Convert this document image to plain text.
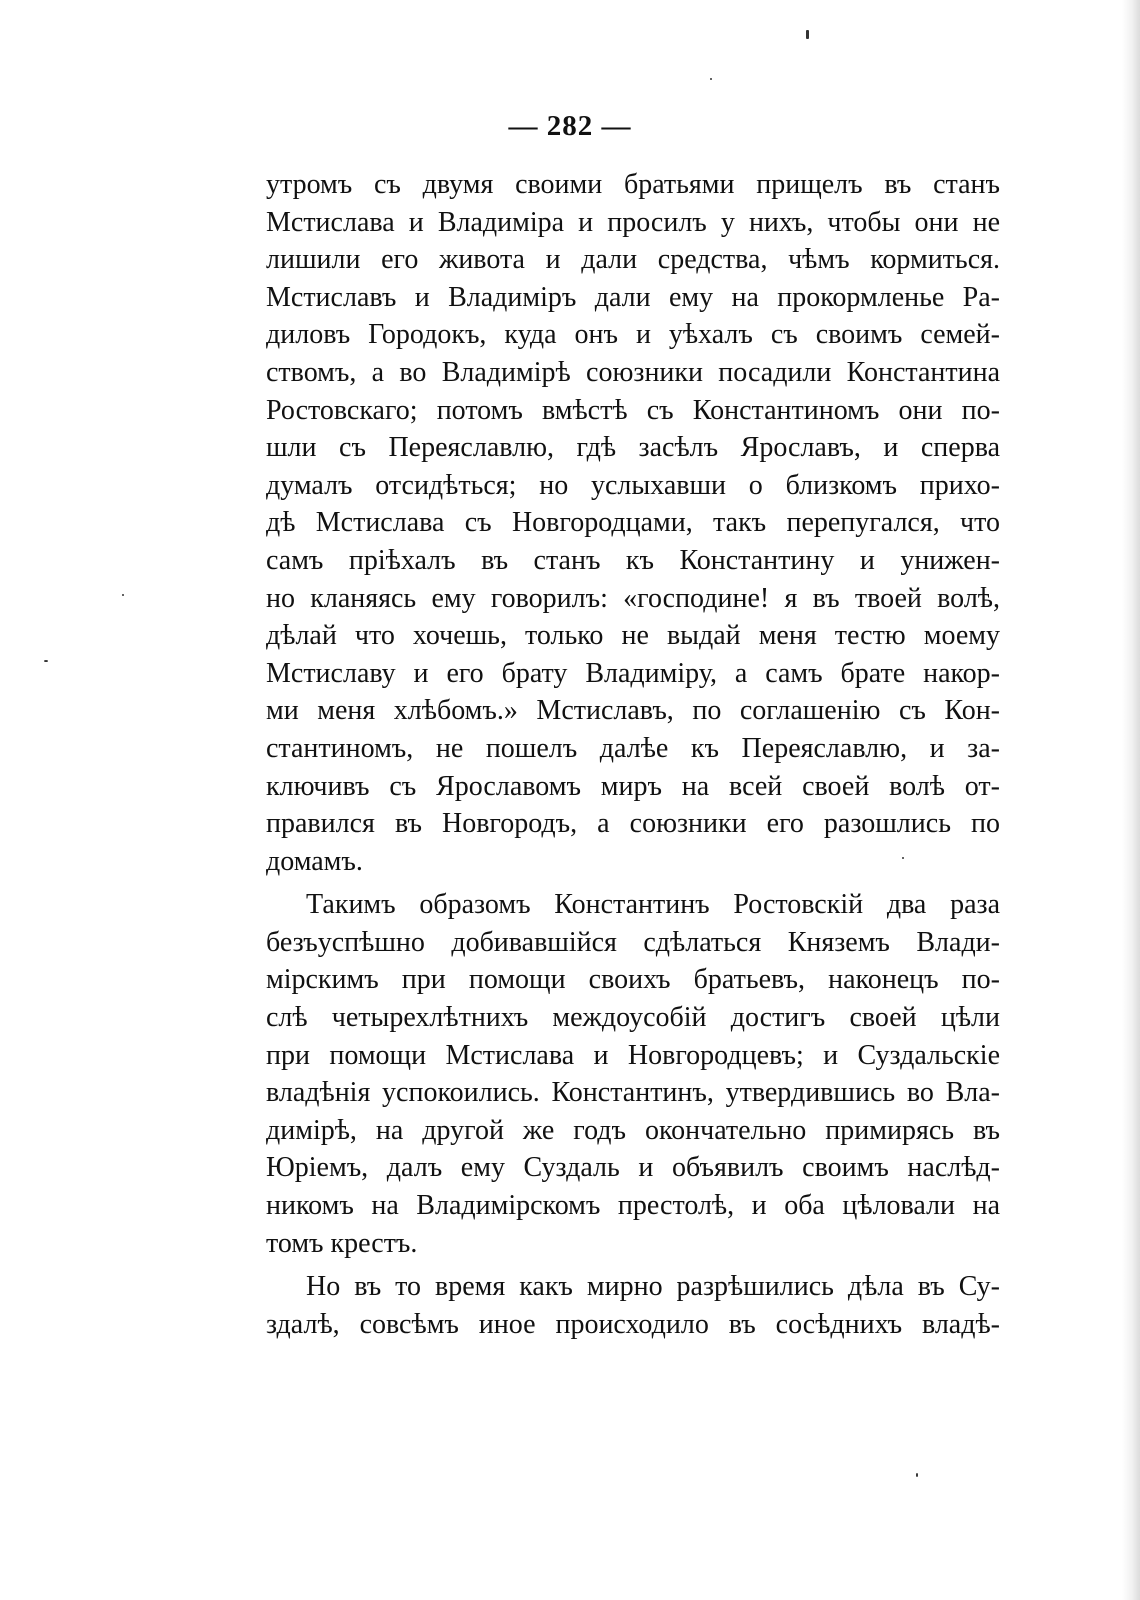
— 282 —
утромъ съ двумя своими братьями прищелъ въ станъ
Мстислава и Владиміра и просилъ у нихъ, чтобы они не
лишили его живота и дали средства, чѣмъ кормиться.
Мстиславъ и Владиміръ дали ему на прокормленье Ра-
диловъ Городокъ, куда онъ и уѣхалъ съ своимъ семей-
ствомъ, а во Владимірѣ союзники посадили Константина
Ростовскаго; потомъ вмѣстѣ съ Константиномъ они по-
шли съ Переяславлю, гдѣ засѣлъ Ярославъ, и сперва
думалъ отсидѣться; но услыхавши о близкомъ прихо-
дѣ Мстислава съ Новгородцами, такъ перепугался, что
самъ пріѣхалъ въ станъ къ Константину и унижен-
но кланяясь ему говорилъ: «господине! я въ твоей волѣ,
дѣлай что хочешь, только не выдай меня тестю моему
Мстиславу и его брату Владиміру, а самъ брате накор-
ми меня хлѣбомъ.» Мстиславъ, по соглашенію съ Кон-
стантиномъ, не пошелъ далѣе къ Переяславлю, и за-
ключивъ съ Ярославомъ миръ на всей своей волѣ от-
правился въ Новгородъ, а союзники его разошлись по
домамъ.
Такимъ образомъ Константинъ Ростовскій два раза
безъуспѣшно добивавшійся сдѣлаться Княземъ Влади-
мірскимъ при помощи своихъ братьевъ, наконецъ по-
слѣ четырехлѣтнихъ междоусобій достигъ своей цѣли
при помощи Мстислава и Новгородцевъ; и Суздальскіе
владѣнія успокоились. Константинъ, утвердившись во Вла-
димірѣ, на другой же годъ окончательно примирясь въ
Юріемъ, далъ ему Суздаль и объявилъ своимъ наслѣд-
никомъ на Владимірскомъ престолѣ, и оба цѣловали на
томъ крестъ.
Но въ то время какъ мирно разрѣшились дѣла въ Су-
здалѣ, совсѣмъ иное происходило въ сосѣднихъ владѣ-
